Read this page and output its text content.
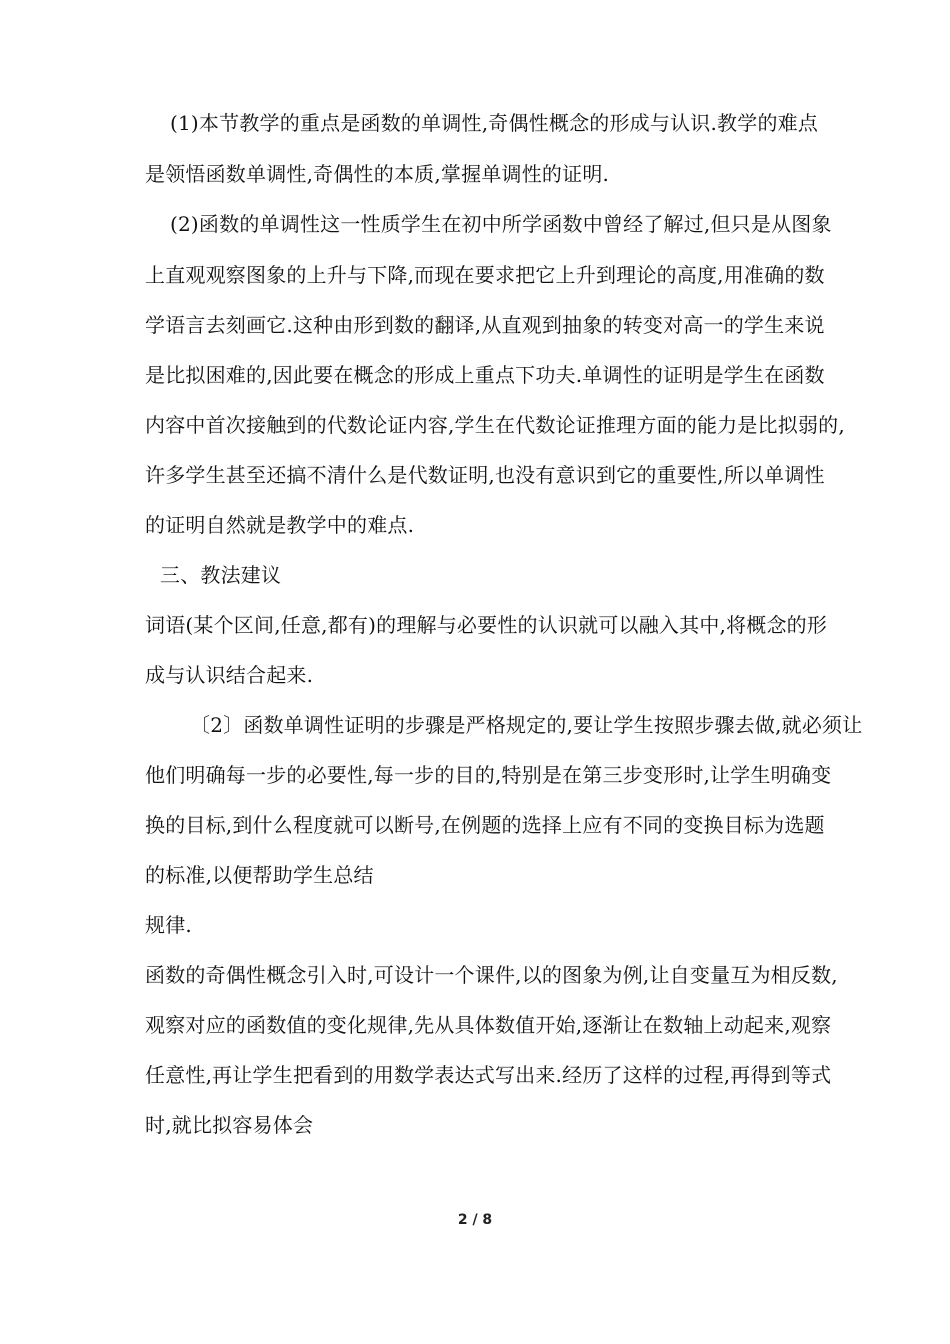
(1)本节教学的重点是函数的单调性,奇偶性概念的形成与认识.教学的难点
是领悟函数单调性,奇偶性的本质,掌握单调性的证明.
(2)函数的单调性这一性质学生在初中所学函数中曾经了解过,但只是从图象
上直观观察图象的上升与下降,而现在要求把它上升到理论的高度,用准确的数
学语言去刻画它.这种由形到数的翻译,从直观到抽象的转变对高一的学生来说
是比拟困难的,因此要在概念的形成上重点下功夫.单调性的证明是学生在函数
内容中首次接触到的代数论证内容,学生在代数论证推理方面的能力是比拟弱的,
许多学生甚至还搞不清什么是代数证明,也没有意识到它的重要性,所以单调性
的证明自然就是教学中的难点.
三、教法建议
词语(某个区间,任意,都有)的理解与必要性的认识就可以融入其中,将概念的形
成与认识结合起来.
〔2〕函数单调性证明的步骤是严格规定的,要让学生按照步骤去做,就必须让
他们明确每一步的必要性,每一步的目的,特别是在第三步变形时,让学生明确变
换的目标,到什么程度就可以断号,在例题的选择上应有不同的变换目标为选题
的标准,以便帮助学生总结
规律.
函数的奇偶性概念引入时,可设计一个课件,以的图象为例,让自变量互为相反数,
观察对应的函数值的变化规律,先从具体数值开始,逐渐让在数轴上动起来,观察
任意性,再让学生把看到的用数学表达式写出来.经历了这样的过程,再得到等式
时,就比拟容易体会
2 / 8
